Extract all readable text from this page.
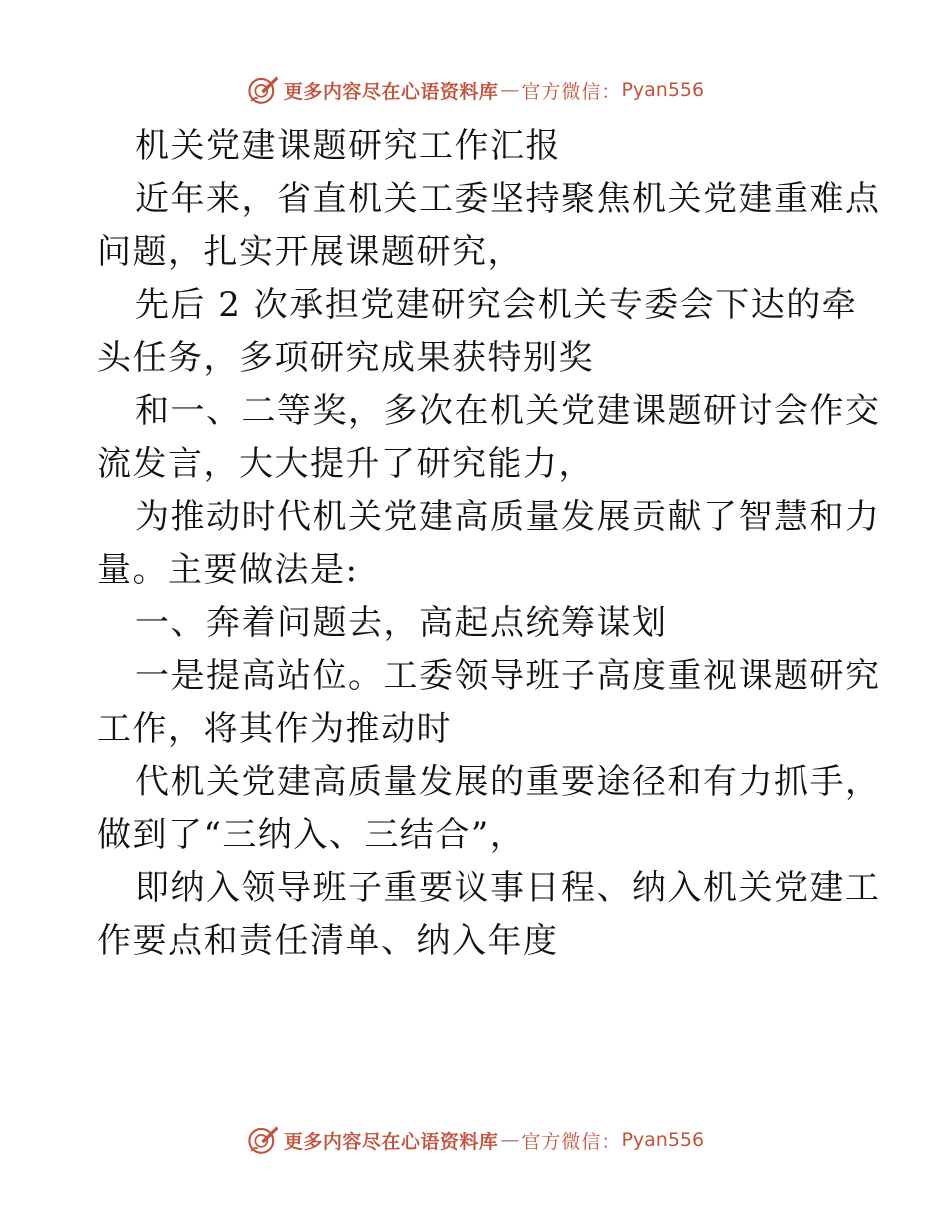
更多内容尽在心语资料库 — 官方微信： Pyan556
机关党建课题研究工作汇报
近年来，省直机关工委坚持聚焦机关党建重难点
问题，扎实开展课题研究，
先后 2 次承担党建研究会机关专委会下达的牵
头任务，多项研究成果获特别奖
和一、二等奖，多次在机关党建课题研讨会作交
流发言，大大提升了研究能力，
为推动时代机关党建高质量发展贡献了智慧和力
量。主要做法是:
一、奔着问题去，高起点统筹谋划
一是提高站位。工委领导班子高度重视课题研究
工作，将其作为推动时
代机关党建高质量发展的重要途径和有力抓手，
做到了“三纳入、三结合”，
即纳入领导班子重要议事日程、纳入机关党建工
作要点和责任清单、纳入年度
更多内容尽在心语资料库 — 官方微信： Pyan556
